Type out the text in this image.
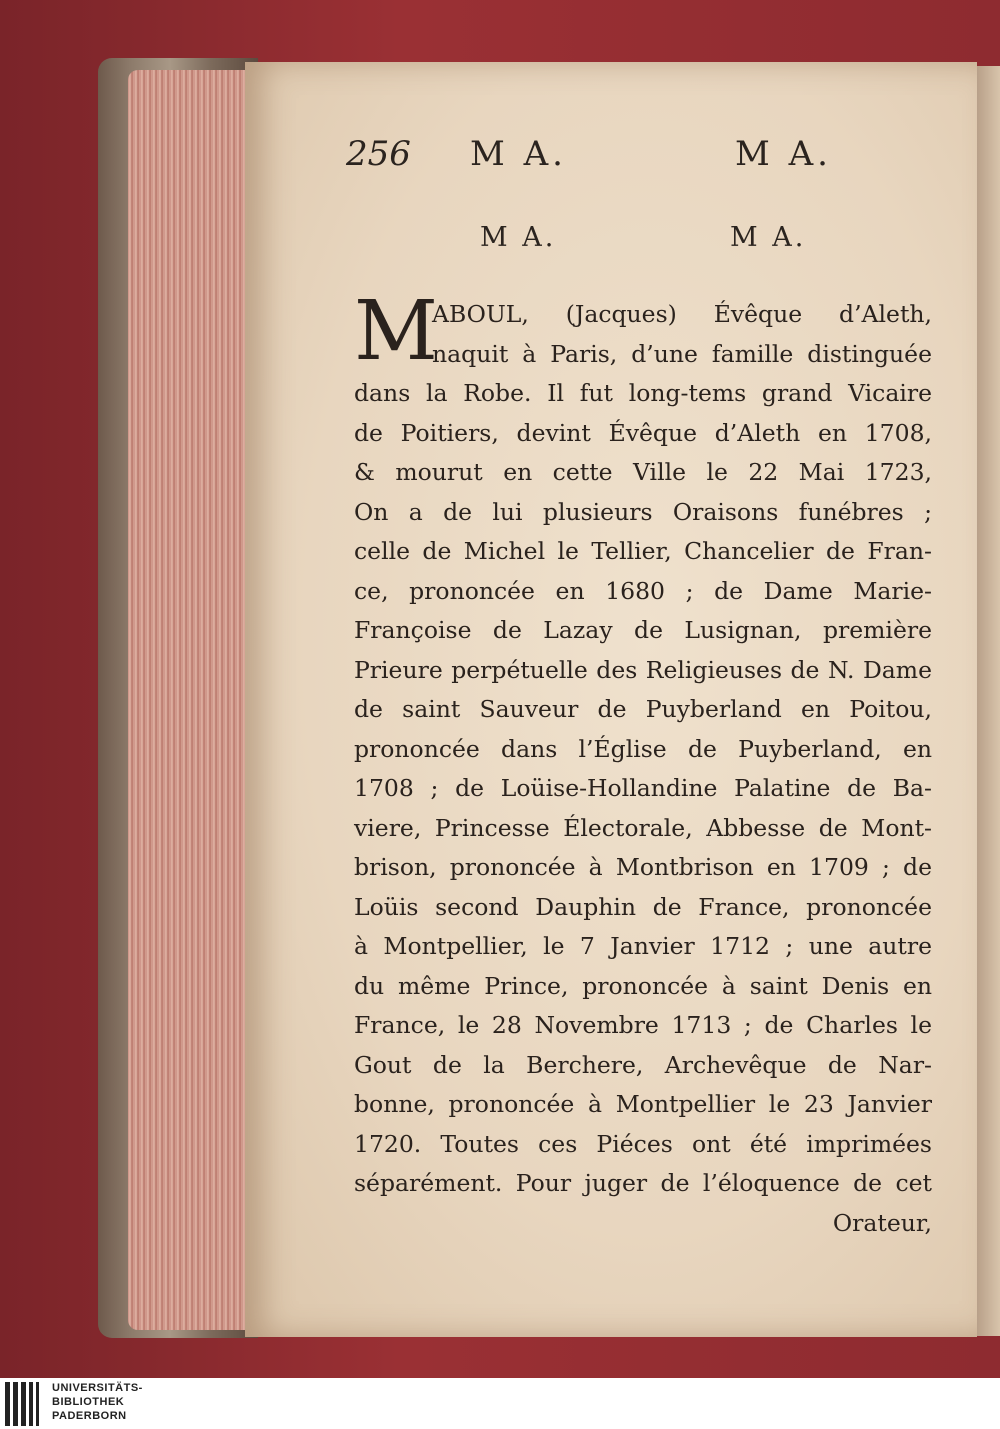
256 M A.	M A.
M A.	M A.
M
ABOUL, (Jacques) Évêque d’Aleth,
naquit à Paris, d’une famille distinguée
dans la Robe. Il fut long-tems grand Vicaire
de Poitiers, devint Évêque d’Aleth en 1708,
& mourut en cette Ville le 22 Mai 1723,
On a de lui plusieurs Oraisons funébres ;
celle de Michel le Tellier, Chancelier de Fran-
ce, prononcée en 1680 ; de Dame Marie-
Françoise de Lazay de Lusignan, première
Prieure perpétuelle des Religieuses de N. Dame
de saint Sauveur de Puyberland en Poitou,
prononcée dans l’Église de Puyberland, en
1708 ; de Loüise-Hollandine Palatine de Ba-
viere, Princesse Électorale, Abbesse de Mont-
brison, prononcée à Montbrison en 1709 ; de
Loüis second Dauphin de France, prononcée
à Montpellier, le 7 Janvier 1712 ; une autre
du même Prince, prononcée à saint Denis en
France, le 28 Novembre 1713 ; de Charles le
Gout de la Berchere, Archevêque de Nar-
bonne, prononcée à Montpellier le 23 Janvier
1720. Toutes ces Piéces ont été imprimées
séparément. Pour juger de l’éloquence de cet
Orateur,
UNIVERSITÄTS-
BIBLIOTHEK
PADERBORN
